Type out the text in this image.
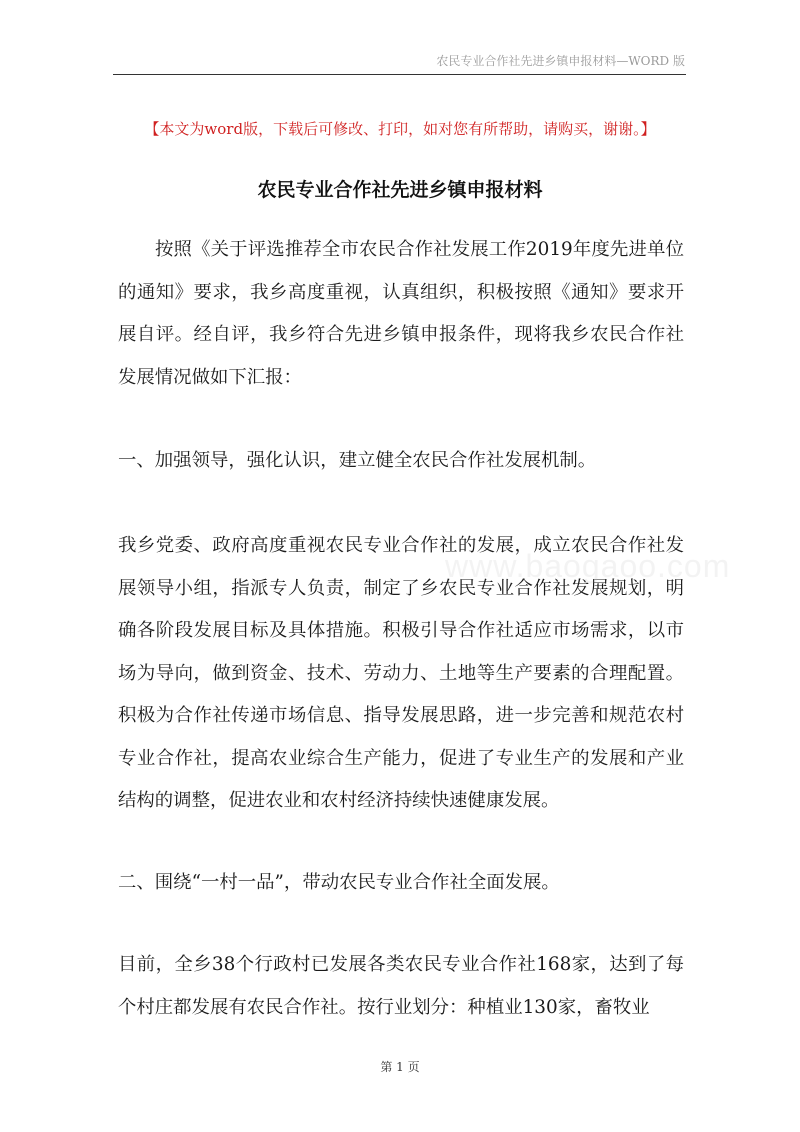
农民专业合作社先进乡镇申报材料—WORD 版
【本文为word版，下载后可修改、打印，如对您有所帮助，请购买，谢谢。】
农民专业合作社先进乡镇申报材料

按照《关于评选推荐全市农民合作社发展工作2019年度先进单位的通知》要求，我乡高度重视，认真组织，积极按照《通知》要求开展自评。经自评，我乡符合先进乡镇申报条件，现将我乡农民合作社发展情况做如下汇报：

一、加强领导，强化认识，建立健全农民合作社发展机制。

我乡党委、政府高度重视农民专业合作社的发展，成立农民合作社发展领导小组，指派专人负责，制定了乡农民专业合作社发展规划，明确各阶段发展目标及具体措施。积极引导合作社适应市场需求，以市场为导向，做到资金、技术、劳动力、土地等生产要素的合理配置。积极为合作社传递市场信息、指导发展思路，进一步完善和规范农村专业合作社，提高农业综合生产能力，促进了专业生产的发展和产业结构的调整，促进农业和农村经济持续快速健康发展。

www.baogaoo.com

二、围绕“一村一品”，带动农民专业合作社全面发展。

目前，全乡38个行政村已发展各类农民专业合作社168家，达到了每个村庄都发展有农民合作社。按行业划分：种植业130家，畜牧业

第 1 页
